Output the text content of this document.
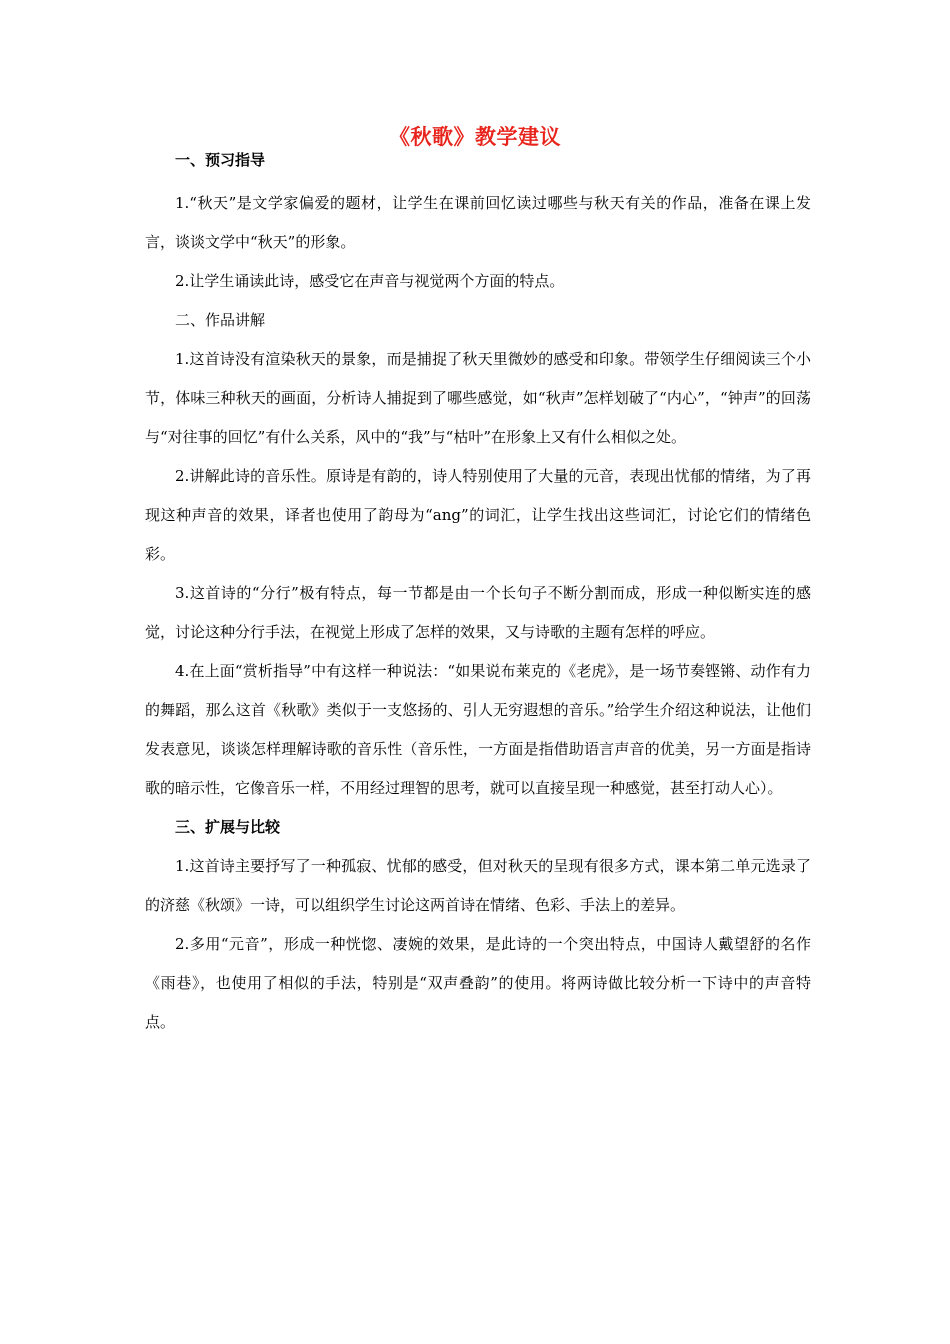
《秋歌》教学建议

一、预习指导

1.“秋天”是文学家偏爱的题材，让学生在课前回忆读过哪些与秋天有关的作品，准备在课上发言，谈谈文学中“秋天”的形象。

2.让学生诵读此诗，感受它在声音与视觉两个方面的特点。

二、作品讲解

1.这首诗没有渲染秋天的景象，而是捕捉了秋天里微妙的感受和印象。带领学生仔细阅读三个小节，体味三种秋天的画面，分析诗人捕捉到了哪些感觉，如“秋声”怎样划破了“内心”，“钟声”的回荡与“对往事的回忆”有什么关系，风中的“我”与“枯叶”在形象上又有什么相似之处。

2.讲解此诗的音乐性。原诗是有韵的，诗人特别使用了大量的元音，表现出忧郁的情绪，为了再现这种声音的效果，译者也使用了韵母为“ang”的词汇，让学生找出这些词汇，讨论它们的情绪色彩。

3.这首诗的“分行”极有特点，每一节都是由一个长句子不断分割而成，形成一种似断实连的感觉，讨论这种分行手法，在视觉上形成了怎样的效果，又与诗歌的主题有怎样的呼应。

4.在上面“赏析指导”中有这样一种说法：“如果说布莱克的《老虎》，是一场节奏铿锵、动作有力的舞蹈，那么这首《秋歌》类似于一支悠扬的、引人无穷遐想的音乐。”给学生介绍这种说法，让他们发表意见，谈谈怎样理解诗歌的音乐性（音乐性，一方面是指借助语言声音的优美，另一方面是指诗歌的暗示性，它像音乐一样，不用经过理智的思考，就可以直接呈现一种感觉，甚至打动人心）。

三、扩展与比较

1.这首诗主要抒写了一种孤寂、忧郁的感受，但对秋天的呈现有很多方式，课本第二单元选录了的济慈《秋颂》一诗，可以组织学生讨论这两首诗在情绪、色彩、手法上的差异。

2.多用“元音”，形成一种恍惚、凄婉的效果，是此诗的一个突出特点，中国诗人戴望舒的名作《雨巷》，也使用了相似的手法，特别是“双声叠韵”的使用。将两诗做比较分析一下诗中的声音特点。
